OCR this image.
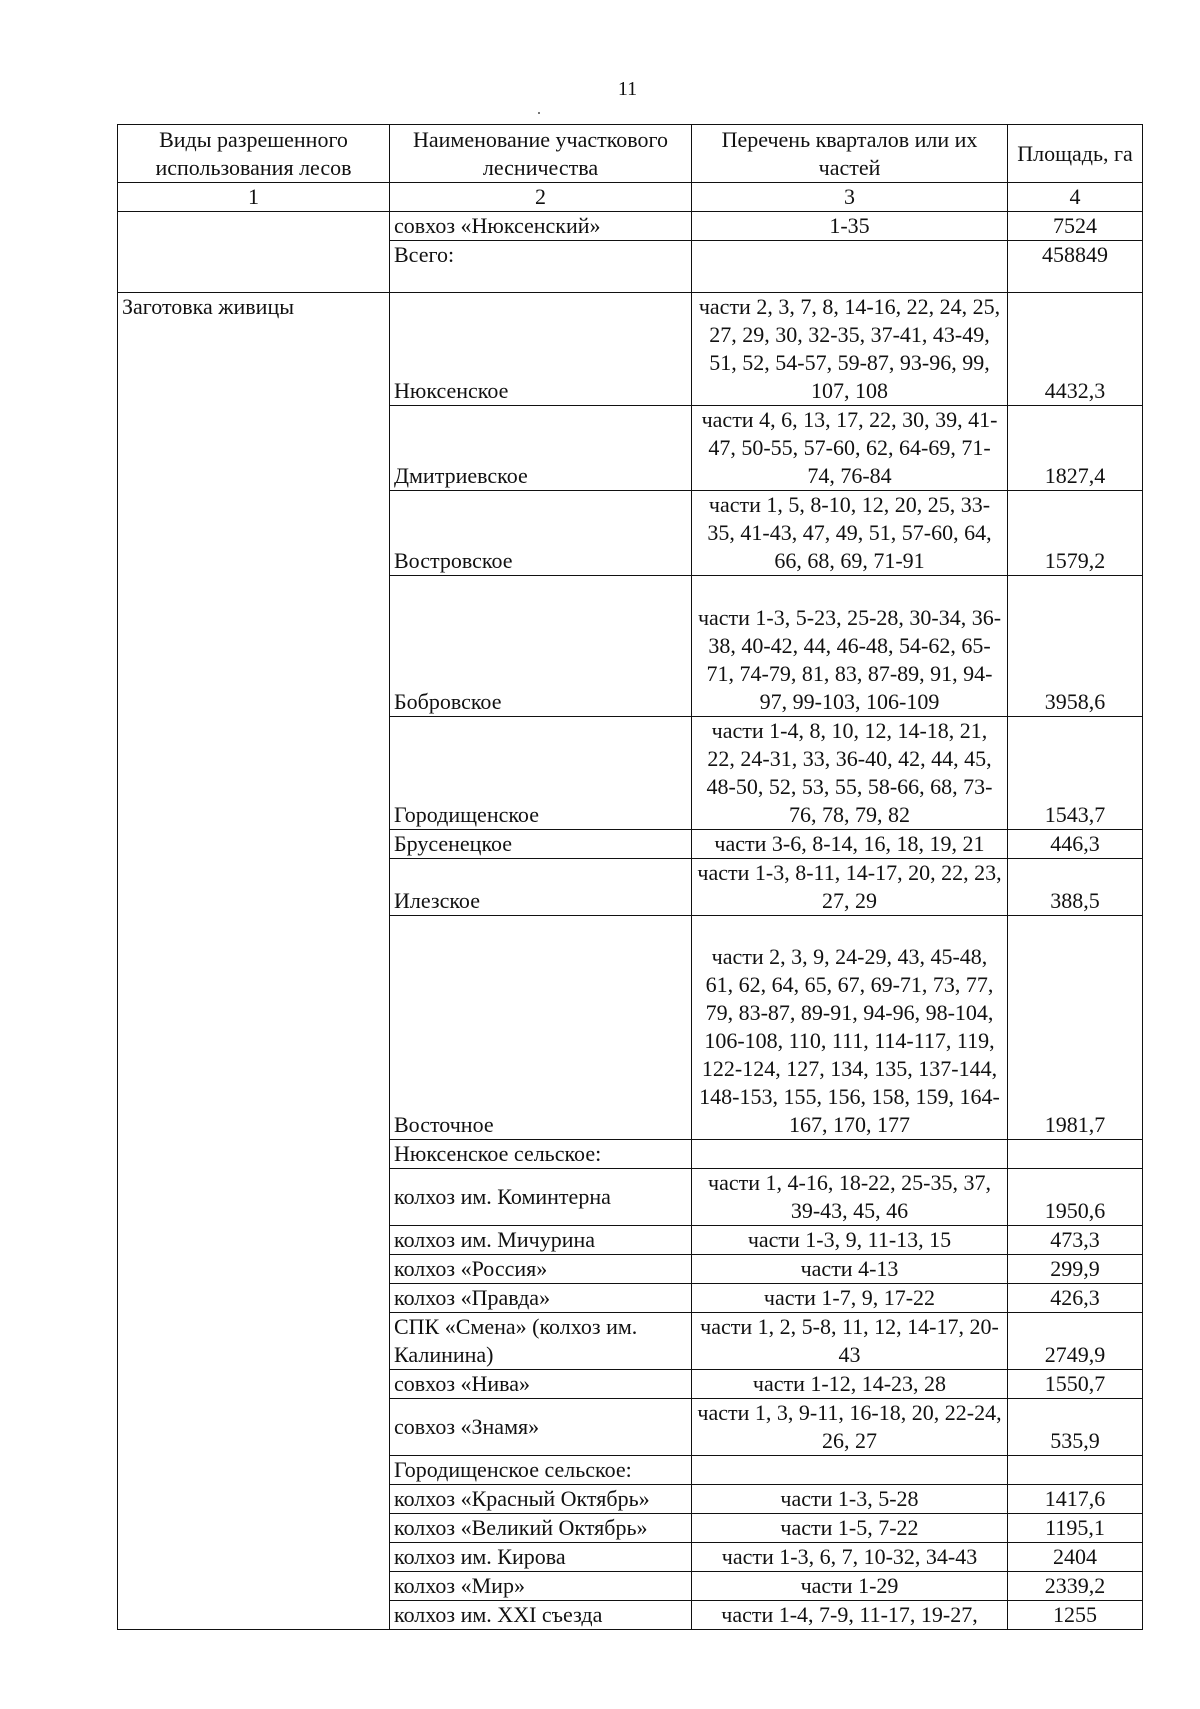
11
Виды разрешенного использования лесов	Наименование участкового лесничества	Перечень кварталов или их частей	Площадь, га
1	2	3	4
	совхоз «Нюксенский»	1-35	7524
	Всего:		458849
Заготовка живицы	Нюксенское	части 2, 3, 7, 8, 14-16, 22, 24, 25, 27, 29, 30, 32-35, 37-41, 43-49, 51, 52, 54-57, 59-87, 93-96, 99, 107, 108	4432,3
	Дмитриевское	части 4, 6, 13, 17, 22, 30, 39, 41-47, 50-55, 57-60, 62, 64-69, 71-74, 76-84	1827,4
	Востровское	части 1, 5, 8-10, 12, 20, 25, 33-35, 41-43, 47, 49, 51, 57-60, 64, 66, 68, 69, 71-91	1579,2
	Бобровское	части 1-3, 5-23, 25-28, 30-34, 36-38, 40-42, 44, 46-48, 54-62, 65-71, 74-79, 81, 83, 87-89, 91, 94-97, 99-103, 106-109	3958,6
	Городищенское	части 1-4, 8, 10, 12, 14-18, 21, 22, 24-31, 33, 36-40, 42, 44, 45, 48-50, 52, 53, 55, 58-66, 68, 73-76, 78, 79, 82	1543,7
	Брусенецкое	части 3-6, 8-14, 16, 18, 19, 21	446,3
	Илезское	части 1-3, 8-11, 14-17, 20, 22, 23, 27, 29	388,5
	Восточное	части 2, 3, 9, 24-29, 43, 45-48, 61, 62, 64, 65, 67, 69-71, 73, 77, 79, 83-87, 89-91, 94-96, 98-104, 106-108, 110, 111, 114-117, 119, 122-124, 127, 134, 135, 137-144, 148-153, 155, 156, 158, 159, 164-167, 170, 177	1981,7
	Нюксенское сельское:		
	колхоз им. Коминтерна	части 1, 4-16, 18-22, 25-35, 37, 39-43, 45, 46	1950,6
	колхоз им. Мичурина	части 1-3, 9, 11-13, 15	473,3
	колхоз «Россия»	части 4-13	299,9
	колхоз «Правда»	части 1-7, 9, 17-22	426,3
	СПК «Смена» (колхоз им. Калинина)	части 1, 2, 5-8, 11, 12, 14-17, 20-43	2749,9
	совхоз «Нива»	части 1-12, 14-23, 28	1550,7
	совхоз «Знамя»	части 1, 3, 9-11, 16-18, 20, 22-24, 26, 27	535,9
	Городищенское сельское:		
	колхоз «Красный Октябрь»	части 1-3, 5-28	1417,6
	колхоз «Великий Октябрь»	части 1-5, 7-22	1195,1
	колхоз им. Кирова	части 1-3, 6, 7, 10-32, 34-43	2404
	колхоз «Мир»	части 1-29	2339,2
	колхоз им. XXI съезда	части 1-4, 7-9, 11-17, 19-27,	1255
